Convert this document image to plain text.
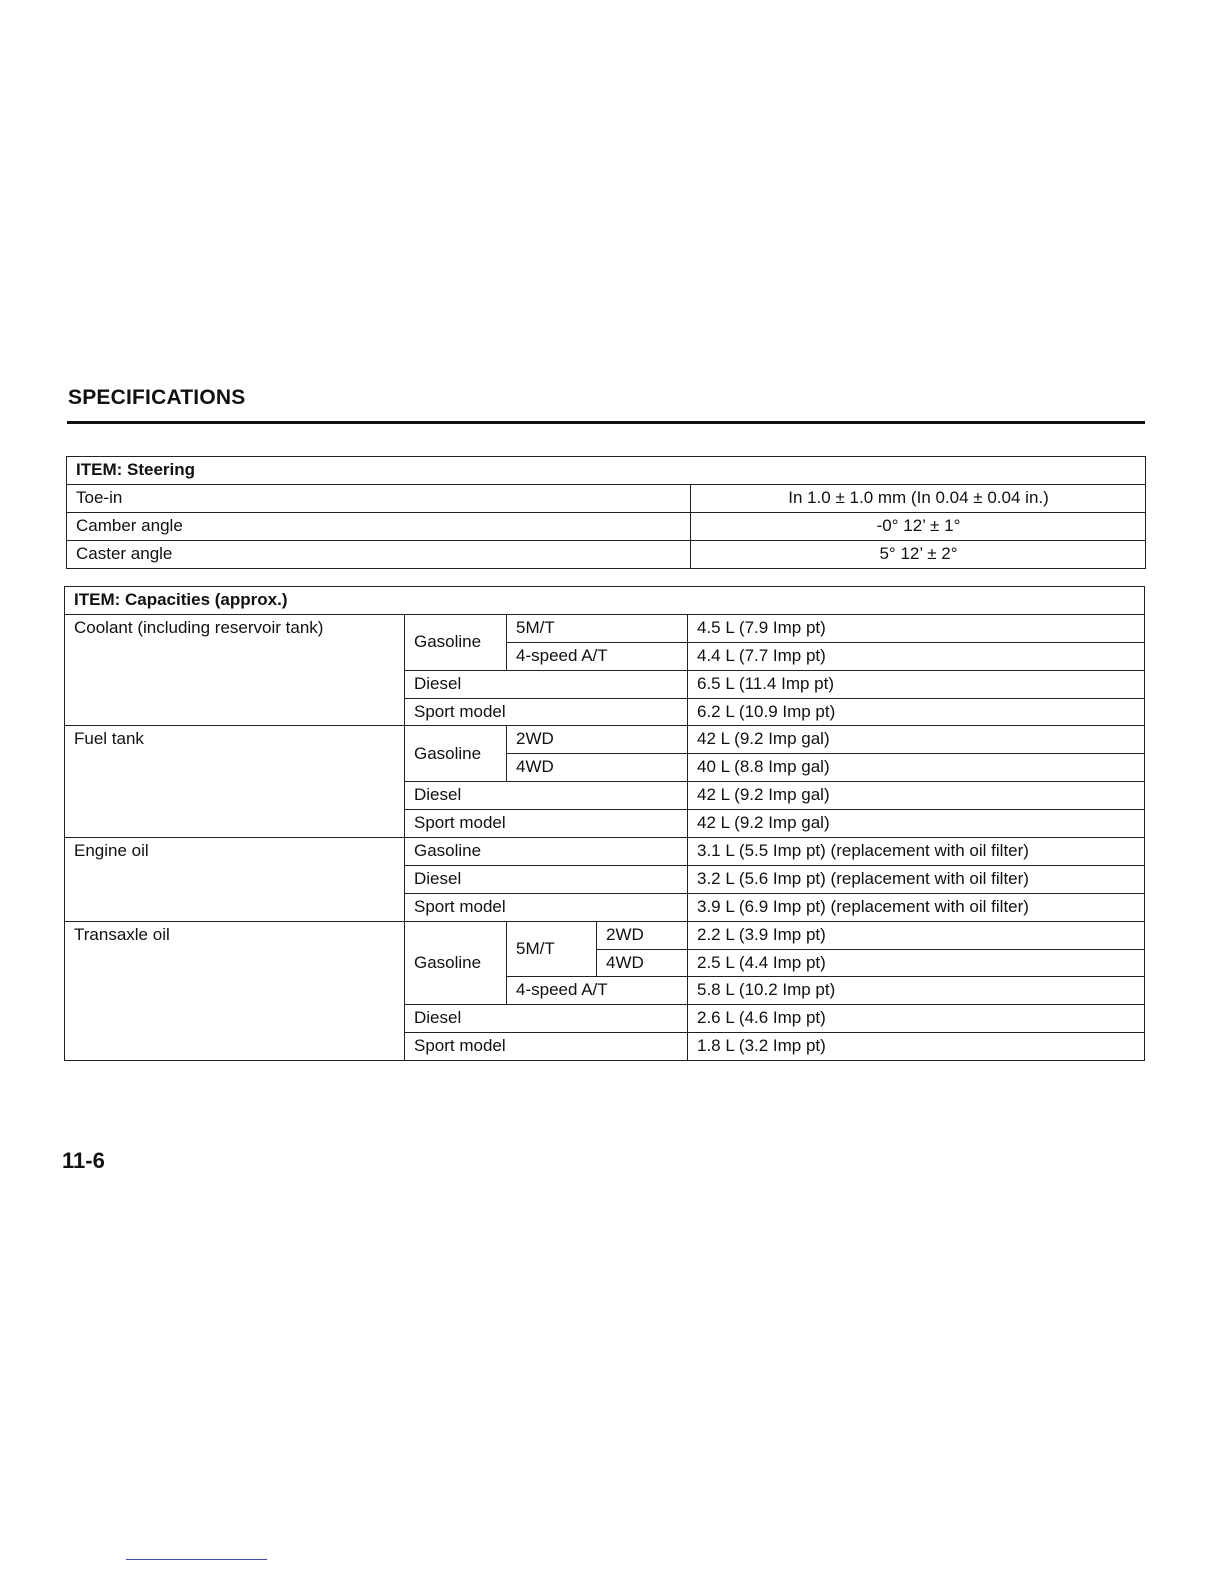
SPECIFICATIONS
ITEM: Steering	
Toe-in	In 1.0 ± 1.0 mm (In 0.04 ± 0.04 in.)
Camber angle	-0° 12’ ± 1°
Caster angle	5° 12’ ± 2°
ITEM: Capacities (approx.)				
Coolant (including reservoir tank)	Gasoline	5M/T		4.5 L (7.9 Imp pt)
		4-speed A/T		4.4 L (7.7 Imp pt)
	Diesel			6.5 L (11.4 Imp pt)
	Sport model			6.2 L (10.9 Imp pt)
Fuel tank	Gasoline	2WD		42 L (9.2 Imp gal)
		4WD		40 L (8.8 Imp gal)
	Diesel			42 L (9.2 Imp gal)
	Sport model			42 L (9.2 Imp gal)
Engine oil	Gasoline			3.1 L (5.5 Imp pt) (replacement with oil filter)
	Diesel			3.2 L (5.6 Imp pt) (replacement with oil filter)
	Sport model			3.9 L (6.9 Imp pt) (replacement with oil filter)
Transaxle oil	Gasoline	5M/T	2WD	2.2 L (3.9 Imp pt)
			4WD	2.5 L (4.4 Imp pt)
		4-speed A/T		5.8 L (10.2 Imp pt)
	Diesel			2.6 L (4.6 Imp pt)
	Sport model			1.8 L (3.2 Imp pt)
11-6
